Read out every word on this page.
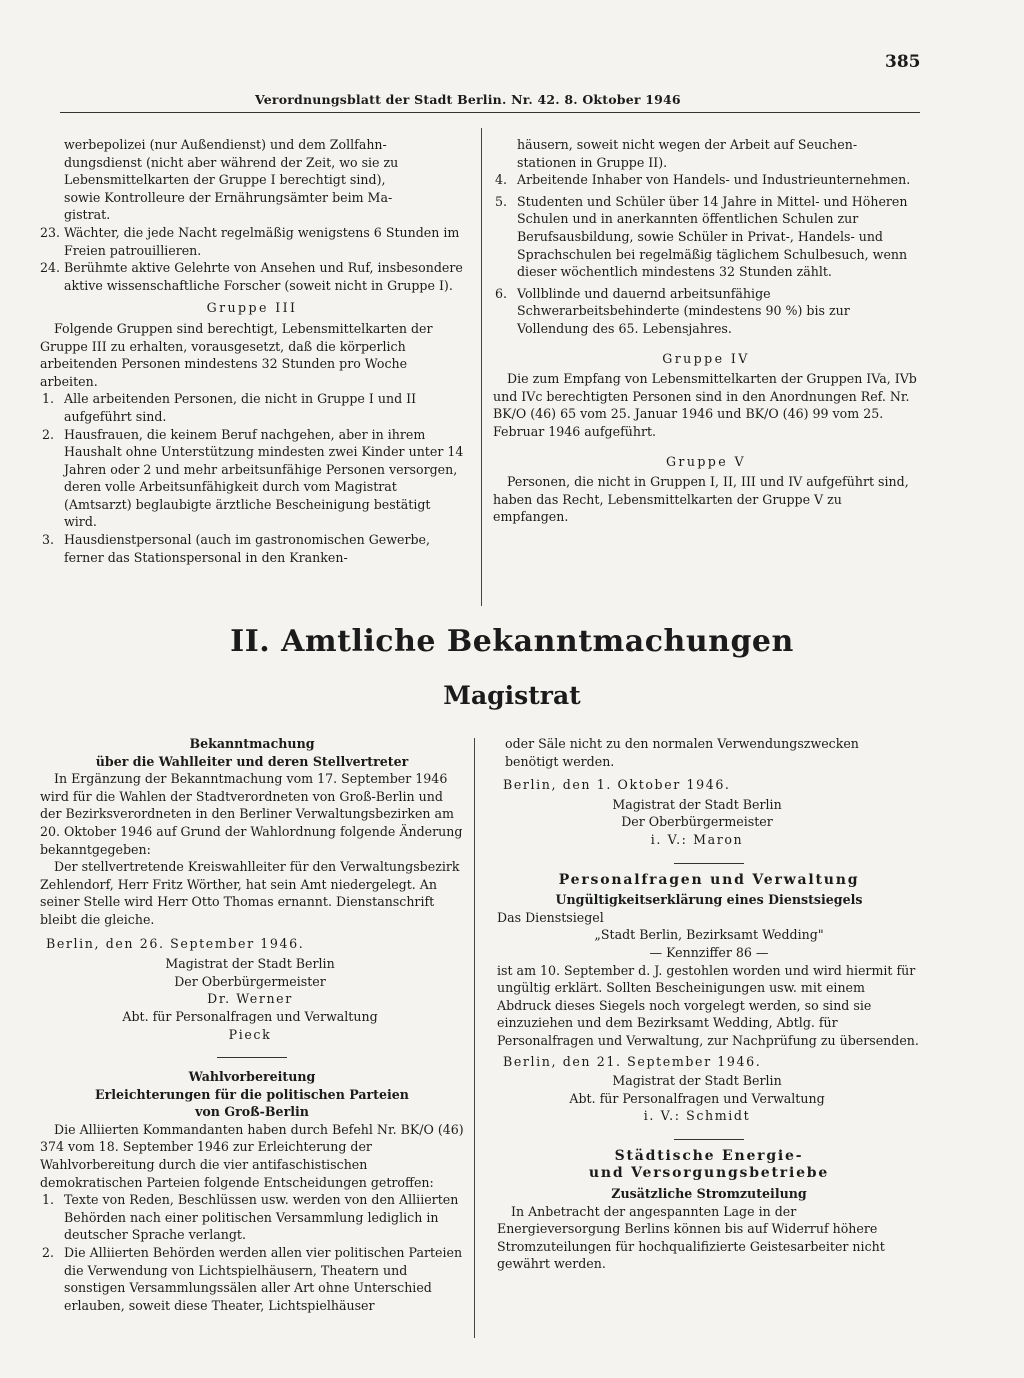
385
Verordnungsblatt der Stadt Berlin. Nr. 42. 8. Oktober 1946

werbepolizei (nur Außendienst) und dem Zollfahn-

dungsdienst (nicht aber während der Zeit, wo sie zu

Lebensmittelkarten der Gruppe I berechtigt sind),

sowie Kontrolleure der Ernährungsämter beim Ma-

gistrat.

23. Wächter, die jede Nacht regelmäßig wenigstens 6 Stunden im Freien patrouillieren.
24. Berühmte aktive Gelehrte von Ansehen und Ruf, insbesondere aktive wissenschaftliche Forscher (soweit nicht in Gruppe I).

Gruppe III

Folgende Gruppen sind berechtigt, Lebensmittelkarten der Gruppe III zu erhalten, vorausgesetzt, daß die körperlich arbeitenden Personen mindestens 32 Stunden pro Woche arbeiten.

1. Alle arbeitenden Personen, die nicht in Gruppe I und II aufgeführt sind.
2. Hausfrauen, die keinem Beruf nachgehen, aber in ihrem Haushalt ohne Unterstützung mindesten zwei Kinder unter 14 Jahren oder 2 und mehr arbeitsunfähige Personen versorgen, deren volle Arbeitsunfähigkeit durch vom Magistrat (Amtsarzt) beglaubigte ärztliche Bescheinigung bestätigt wird.
3. Hausdienstpersonal (auch im gastronomischen Gewerbe, ferner das Stationspersonal in den Kranken-

häusern, soweit nicht wegen der Arbeit auf Seuchen-

stationen in Gruppe II).

4. Arbeitende Inhaber von Handels- und Industrieunternehmen.
5. Studenten und Schüler über 14 Jahre in Mittel- und Höheren Schulen und in anerkannten öffentlichen Schulen zur Berufsausbildung, sowie Schüler in Privat-, Handels- und Sprachschulen bei regelmäßig täglichem Schulbesuch, wenn dieser wöchentlich mindestens 32 Stunden zählt.
6. Vollblinde und dauernd arbeitsunfähige Schwerarbeitsbehinderte (mindestens 90 %) bis zur Vollendung des 65. Lebensjahres.

Gruppe IV

Die zum Empfang von Lebensmittelkarten der Gruppen IVa, IVb und IVc berechtigten Personen sind in den Anordnungen Ref. Nr. BK/O (46) 65 vom 25. Januar 1946 und BK/O (46) 99 vom 25. Februar 1946 aufgeführt.

Gruppe V

Personen, die nicht in Gruppen I, II, III und IV aufgeführt sind, haben das Recht, Lebensmittelkarten der Gruppe V zu empfangen.

II. Amtliche Bekanntmachungen
Magistrat

Bekanntmachung

über die Wahlleiter und deren Stellvertreter

In Ergänzung der Bekanntmachung vom 17. September 1946 wird für die Wahlen der Stadtverordneten von Groß-Berlin und der Bezirksverordneten in den Berliner Verwaltungsbezirken am 20. Oktober 1946 auf Grund der Wahlordnung folgende Änderung bekanntgegeben:

Der stellvertretende Kreiswahlleiter für den Verwaltungsbezirk Zehlendorf, Herr Fritz Wörther, hat sein Amt niedergelegt. An seiner Stelle wird Herr Otto Thomas ernannt. Dienstanschrift bleibt die gleiche.

Berlin, den 26. September 1946.

Magistrat der Stadt Berlin

Der Oberbürgermeister

Dr. Werner

Abt. für Personalfragen und Verwaltung

Pieck

Wahlvorbereitung

Erleichterungen für die politischen Parteien

von Groß-Berlin

Die Alliierten Kommandanten haben durch Befehl Nr. BK/O (46) 374 vom 18. September 1946 zur Erleichterung der Wahlvorbereitung durch die vier antifaschistischen demokratischen Parteien folgende Entscheidungen getroffen:

1. Texte von Reden, Beschlüssen usw. werden von den Alliierten Behörden nach einer politischen Versammlung lediglich in deutscher Sprache verlangt.
2. Die Alliierten Behörden werden allen vier politischen Parteien die Verwendung von Lichtspielhäusern, Theatern und sonstigen Versammlungssälen aller Art ohne Unterschied erlauben, soweit diese Theater, Lichtspielhäuser

oder Säle nicht zu den normalen Verwendungszwecken

benötigt werden.

Berlin, den 1. Oktober 1946.

Magistrat der Stadt Berlin

Der Oberbürgermeister

i. V.: Maron

Personalfragen und Verwaltung

Ungültigkeitserklärung eines Dienstsiegels

Das Dienstsiegel

„Stadt Berlin, Bezirksamt Wedding"

— Kennziffer 86 —

ist am 10. September d. J. gestohlen worden und wird hiermit für ungültig erklärt. Sollten Bescheinigungen usw. mit einem Abdruck dieses Siegels noch vorgelegt werden, so sind sie einzuziehen und dem Bezirksamt Wedding, Abtlg. für Personalfragen und Verwaltung, zur Nachprüfung zu übersenden.

Berlin, den 21. September 1946.

Magistrat der Stadt Berlin

Abt. für Personalfragen und Verwaltung

i. V.: Schmidt

Städtische Energie-

und Versorgungsbetriebe

Zusätzliche Stromzuteilung

In Anbetracht der angespannten Lage in der Energieversorgung Berlins können bis auf Widerruf höhere Stromzuteilungen für hochqualifizierte Geistesarbeiter nicht gewährt werden.
